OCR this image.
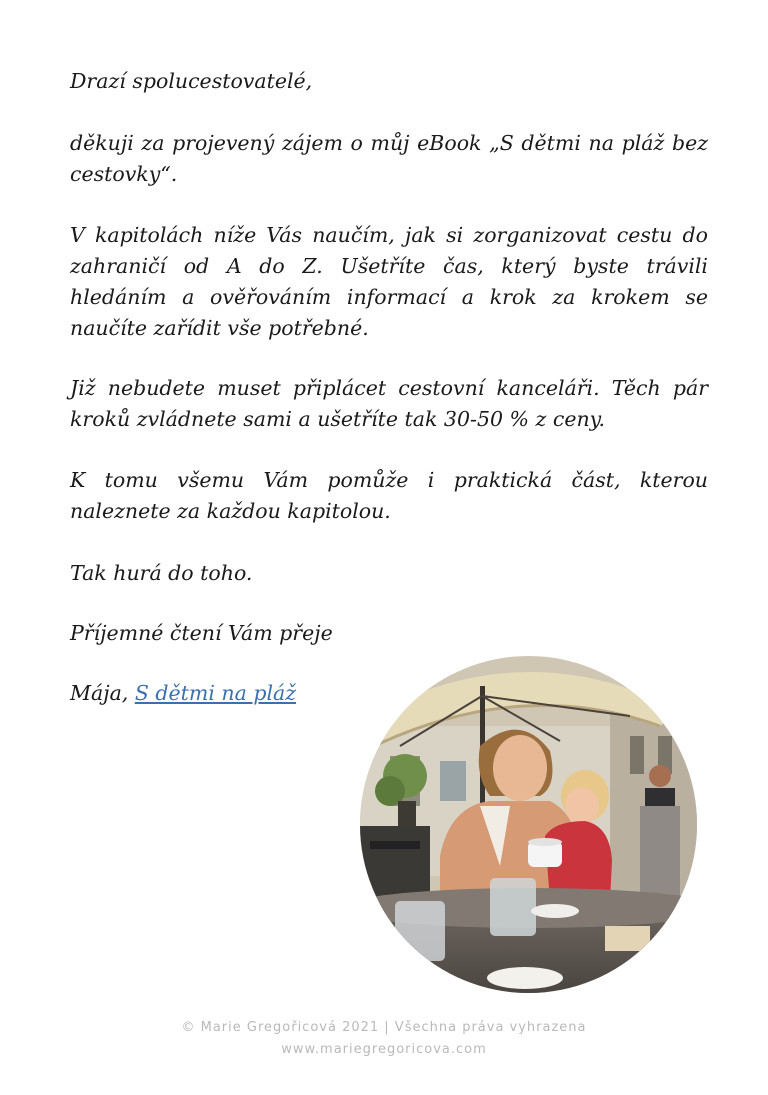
Drazí spolucestovatelé,

děkuji za projevený zájem o můj eBook „S dětmi na pláž bez cestovky“.

V kapitolách níže Vás naučím, jak si zorganizovat cestu do zahraničí od A do Z. Ušetříte čas, který byste trávili hledáním a ověřováním informací a krok za krokem se naučíte zařídit vše potřebné.

Již nebudete muset připlácet cestovní kanceláři. Těch pár kroků zvládnete sami a ušetříte tak 30-50 % z ceny.

K tomu všemu Vám pomůže i praktická část, kterou naleznete za každou kapitolou.

Tak hurá do toho.

Příjemné čtení Vám přeje

Mája, S dětmi na pláž

© Marie Gregořicová 2021 | Všechna práva vyhrazena

www.mariegregoricova.com
